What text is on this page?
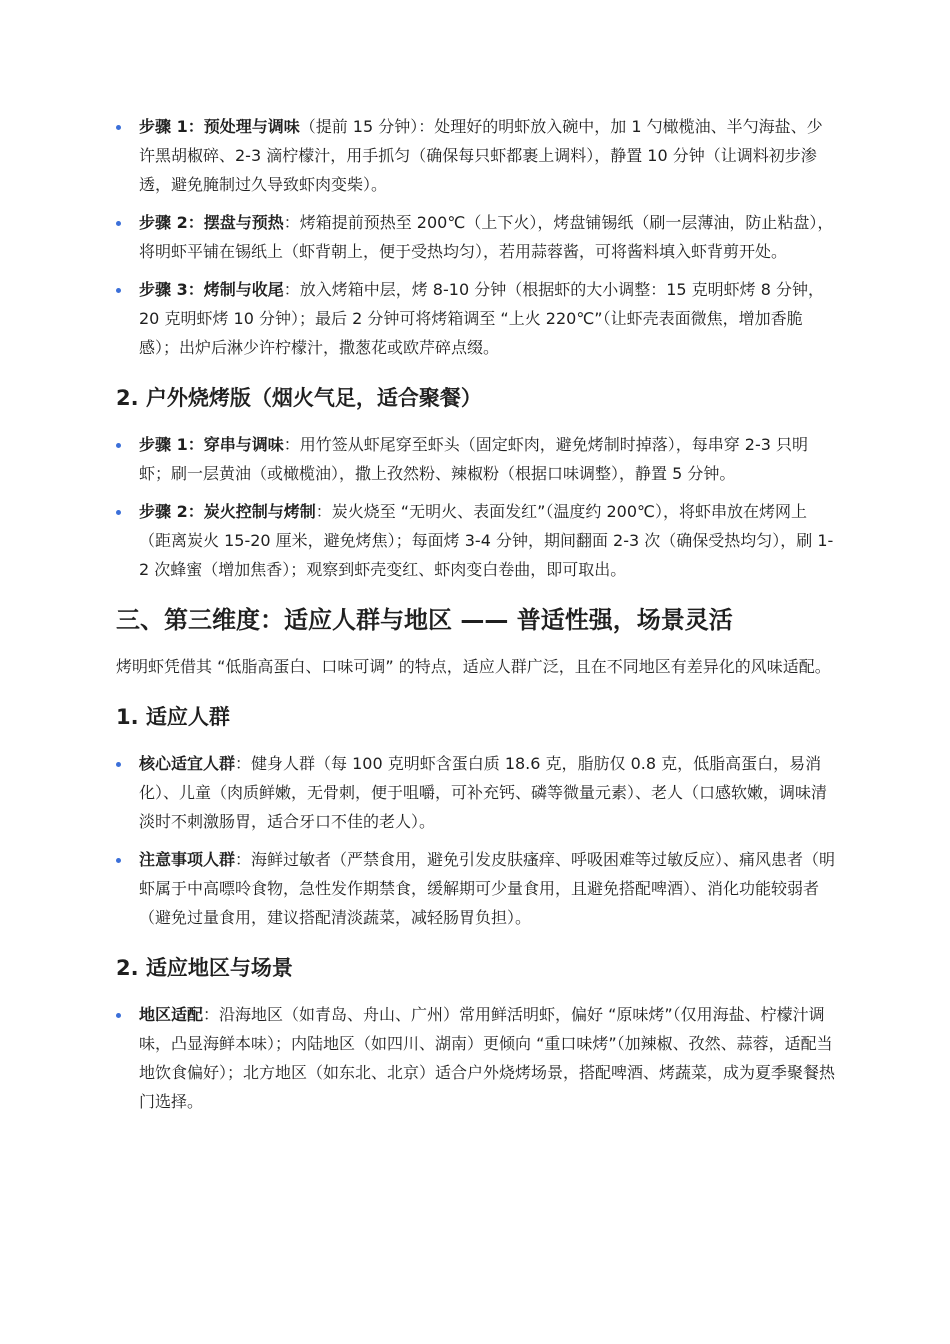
步骤 1：预处理与调味（提前 15 分钟）：处理好的明虾放入碗中，加 1 勺橄榄油、半勺海盐、少许黑胡椒碎、2-3 滴柠檬汁，用手抓匀（确保每只虾都裹上调料），静置 10 分钟（让调料初步渗透，避免腌制过久导致虾肉变柴）。
步骤 2：摆盘与预热：烤箱提前预热至 200℃（上下火），烤盘铺锡纸（刷一层薄油，防止粘盘），将明虾平铺在锡纸上（虾背朝上，便于受热均匀），若用蒜蓉酱，可将酱料填入虾背剪开处。
步骤 3：烤制与收尾：放入烤箱中层，烤 8-10 分钟（根据虾的大小调整：15 克明虾烤 8 分钟，20 克明虾烤 10 分钟）；最后 2 分钟可将烤箱调至 “上火 220℃”（让虾壳表面微焦，增加香脆感）；出炉后淋少许柠檬汁，撒葱花或欧芹碎点缀。
2. 户外烧烤版（烟火气足，适合聚餐）
步骤 1：穿串与调味：用竹签从虾尾穿至虾头（固定虾肉，避免烤制时掉落），每串穿 2-3 只明虾；刷一层黄油（或橄榄油），撒上孜然粉、辣椒粉（根据口味调整），静置 5 分钟。
步骤 2：炭火控制与烤制：炭火烧至 “无明火、表面发红”（温度约 200℃），将虾串放在烤网上（距离炭火 15-20 厘米，避免烤焦）；每面烤 3-4 分钟，期间翻面 2-3 次（确保受热均匀），刷 1-2 次蜂蜜（增加焦香）；观察到虾壳变红、虾肉变白卷曲，即可取出。
三、第三维度：适应人群与地区 —— 普适性强，场景灵活

烤明虾凭借其 “低脂高蛋白、口味可调” 的特点，适应人群广泛，且在不同地区有差异化的风味适配。

1. 适应人群
核心适宜人群：健身人群（每 100 克明虾含蛋白质 18.6 克，脂肪仅 0.8 克，低脂高蛋白，易消化）、儿童（肉质鲜嫩，无骨刺，便于咀嚼，可补充钙、磷等微量元素）、老人（口感软嫩，调味清淡时不刺激肠胃，适合牙口不佳的老人）。
注意事项人群：海鲜过敏者（严禁食用，避免引发皮肤瘙痒、呼吸困难等过敏反应）、痛风患者（明虾属于中高嘌呤食物，急性发作期禁食，缓解期可少量食用，且避免搭配啤酒）、消化功能较弱者（避免过量食用，建议搭配清淡蔬菜，减轻肠胃负担）。
2. 适应地区与场景
地区适配：沿海地区（如青岛、舟山、广州）常用鲜活明虾，偏好 “原味烤”（仅用海盐、柠檬汁调味，凸显海鲜本味）；内陆地区（如四川、湖南）更倾向 “重口味烤”（加辣椒、孜然、蒜蓉，适配当地饮食偏好）；北方地区（如东北、北京）适合户外烧烤场景，搭配啤酒、烤蔬菜，成为夏季聚餐热门选择。
